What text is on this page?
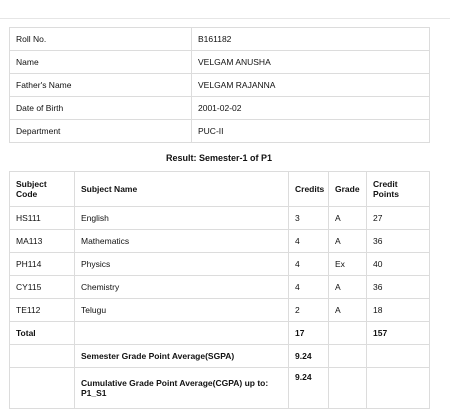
Roll No.	B161182
Name	VELGAM ANUSHA
Father's Name	VELGAM RAJANNA
Date of Birth	2001-02-02
Department	PUC-II
Result: Semester-1 of P1
Subject Code	Subject Name	Credits	Grade	Credit Points
HS111	English	3	A	27
MA113	Mathematics	4	A	36
PH114	Physics	4	Ex	40
CY115	Chemistry	4	A	36
TE112	Telugu	2	A	18
Total		17		157
	Semester Grade Point Average(SGPA)	9.24		
	Cumulative Grade Point Average(CGPA) up to: P1_S1	9.24		
